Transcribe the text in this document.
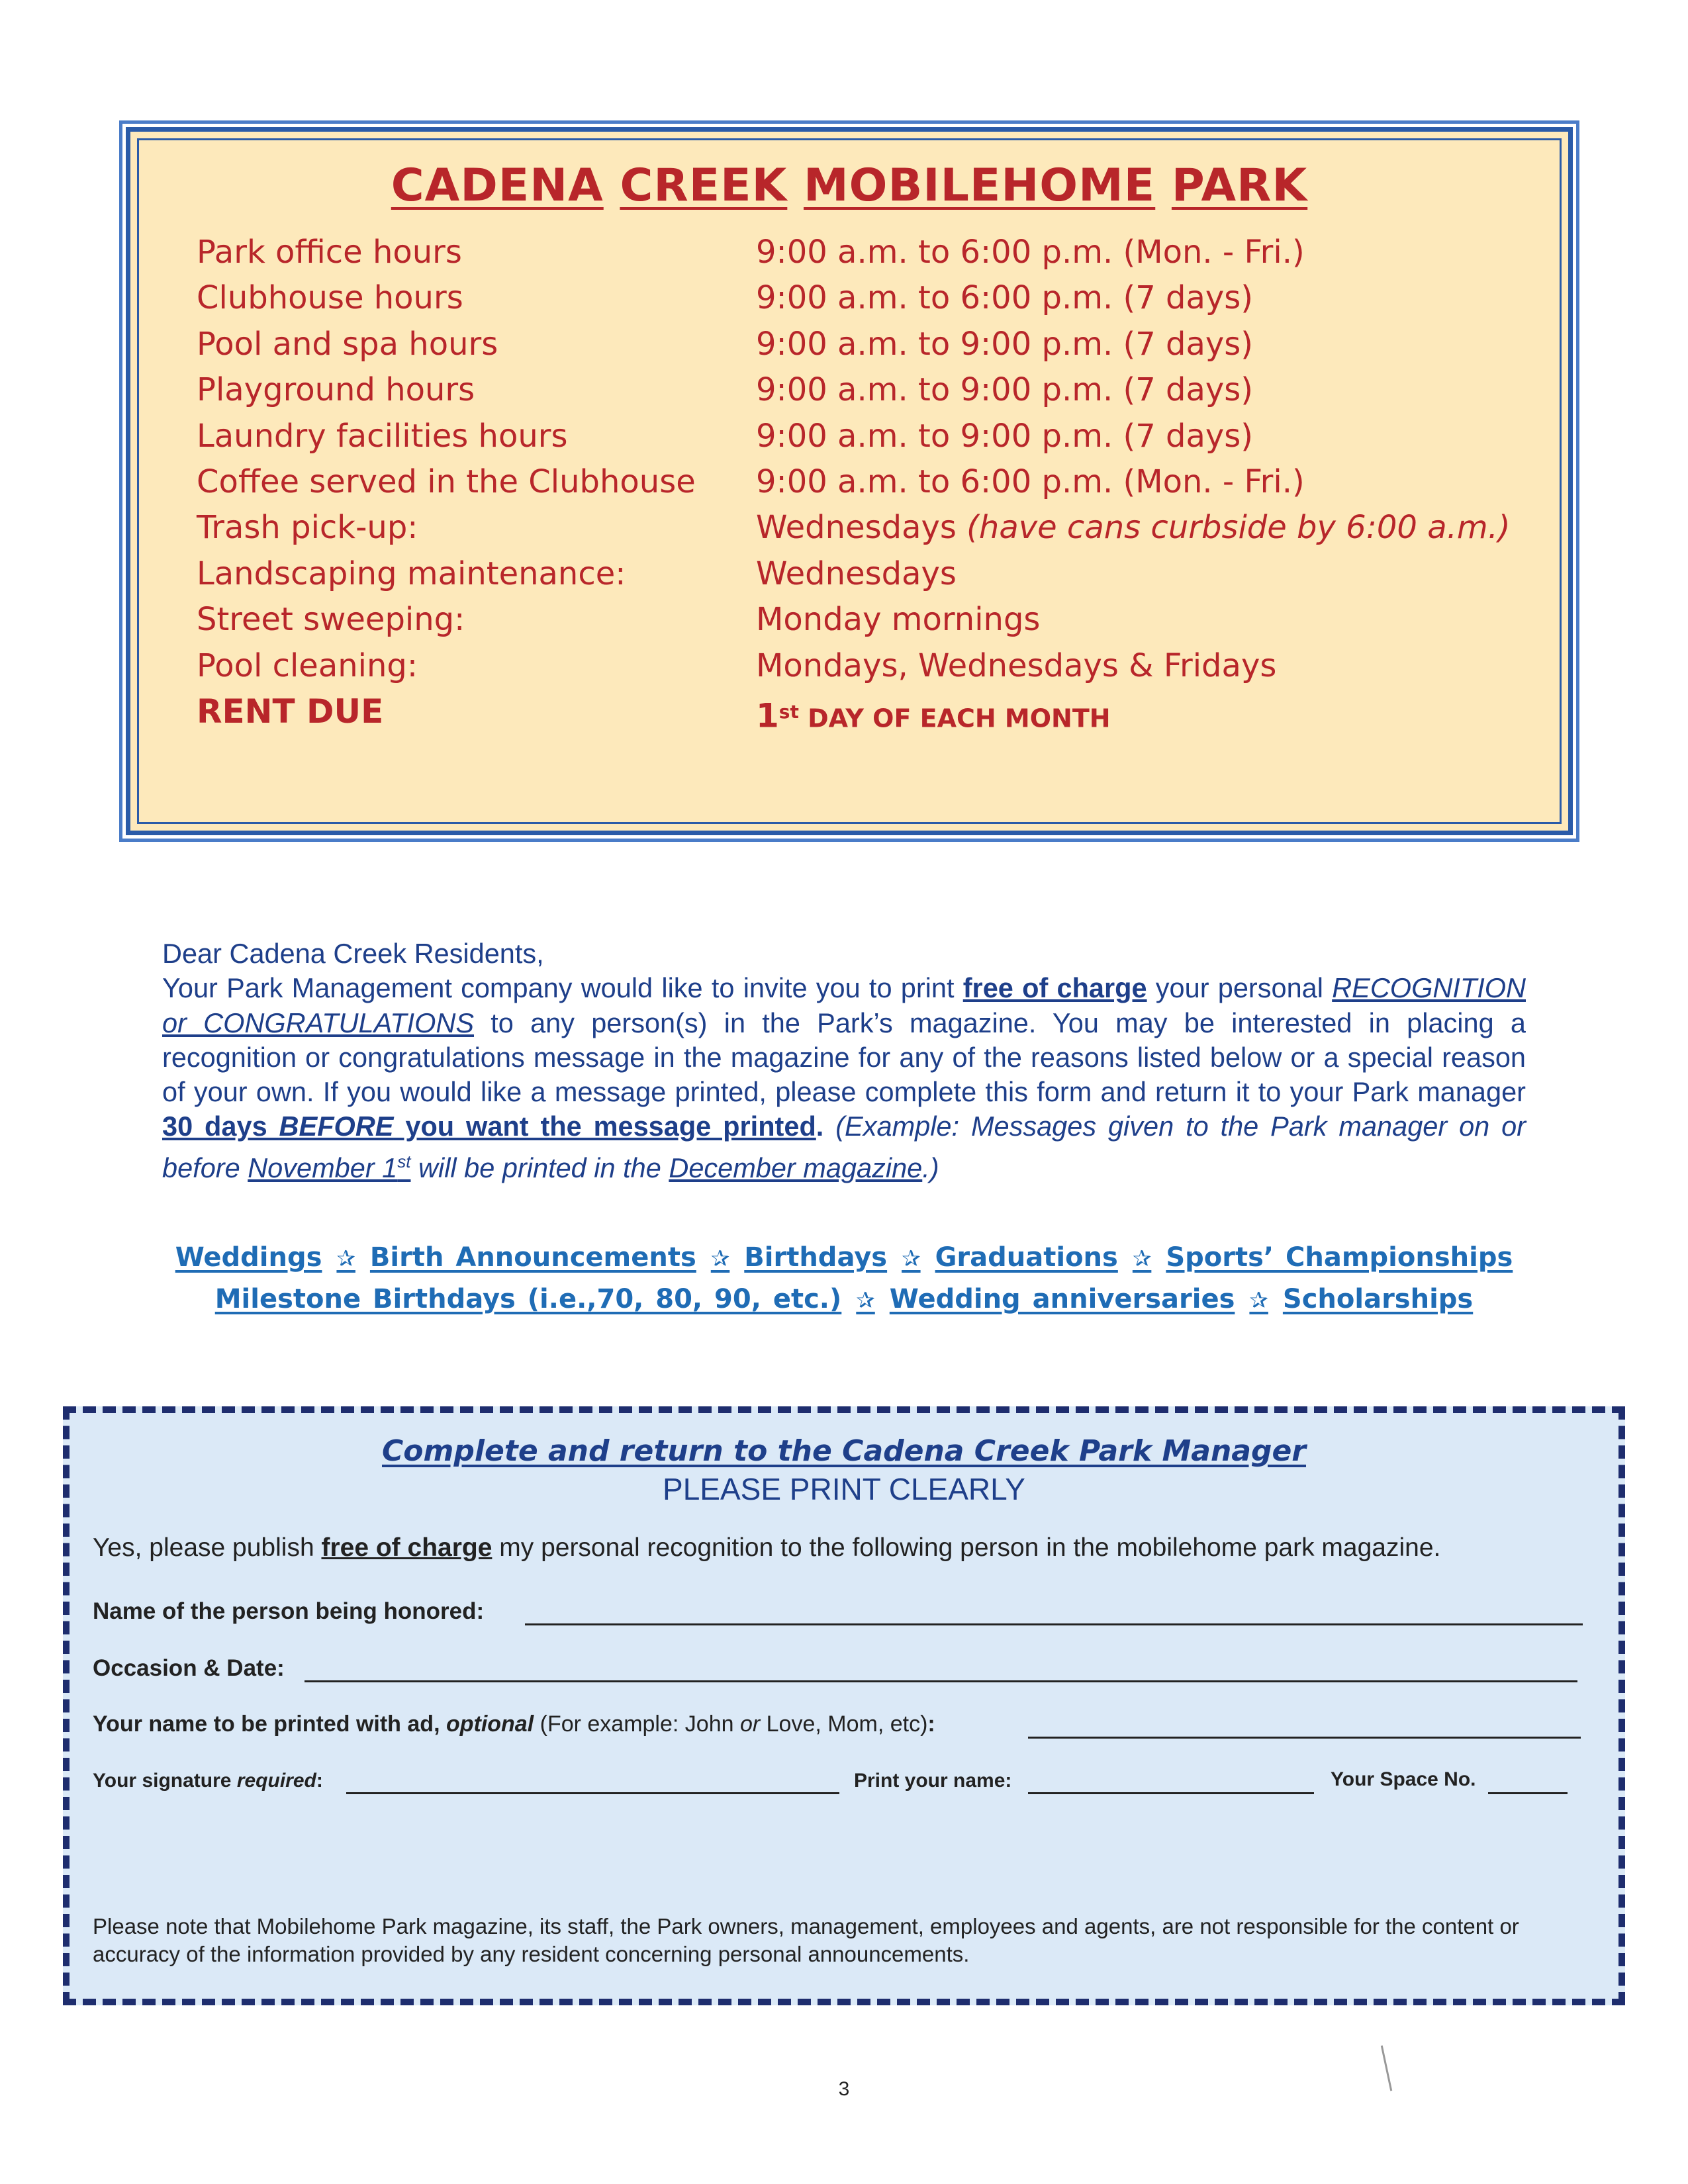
CADENA CREEK MOBILEHOME PARK
Park office hours	9:00 a.m. to 6:00 p.m. (Mon. - Fri.)
Clubhouse hours	9:00 a.m. to 6:00 p.m. (7 days)
Pool and spa hours	9:00 a.m. to 9:00 p.m. (7 days)
Playground hours	9:00 a.m. to 9:00 p.m. (7 days)
Laundry facilities hours	9:00 a.m. to 9:00 p.m. (7 days)
Coffee served in the Clubhouse 9:00 a.m. to 6:00 p.m. (Mon. - Fri.)
Trash pick-up:	Wednesdays (have cans curbside by 6:00 a.m.)
Landscaping maintenance:	Wednesdays
Street sweeping:	Monday mornings
Pool cleaning:	Mondays, Wednesdays & Fridays
RENT DUE	1st DAY OF EACH MONTH

Dear Cadena Creek Residents,

Your Park Management company would like to invite you to print free of charge your personal RECOGNITION or CONGRATULATIONS to any person(s) in the Park’s magazine. You may be interested in placing a recognition or congratulations message in the magazine for any of the reasons listed below or a special reason of your own. If you would like a message printed, please complete this form and return it to your Park manager 30 days BEFORE you want the message printed. (Example: Messages given to the Park manager on or before November 1st will be printed in the December magazine.)

Weddings ✰ Birth Announcements ✰ Birthdays ✰ Graduations ✰ Sports’ Championships
Milestone Birthdays (i.e.,70, 80, 90, etc.) ✰ Wedding anniversaries ✰ Scholarships
Complete and return to the Cadena Creek Park Manager
PLEASE PRINT CLEARLY
Yes, please publish free of charge my personal recognition to the following person in the mobilehome park magazine.
Name of the person being honored:
Occasion & Date:
Your name to be printed with ad, optional (For example: John or Love, Mom, etc):
Your signature required:	Print your name:	Your Space No.
Please note that Mobilehome Park magazine, its staff, the Park owners, management, employees and agents, are not responsible for the content or accuracy of the information provided by any resident concerning personal announcements.
3
